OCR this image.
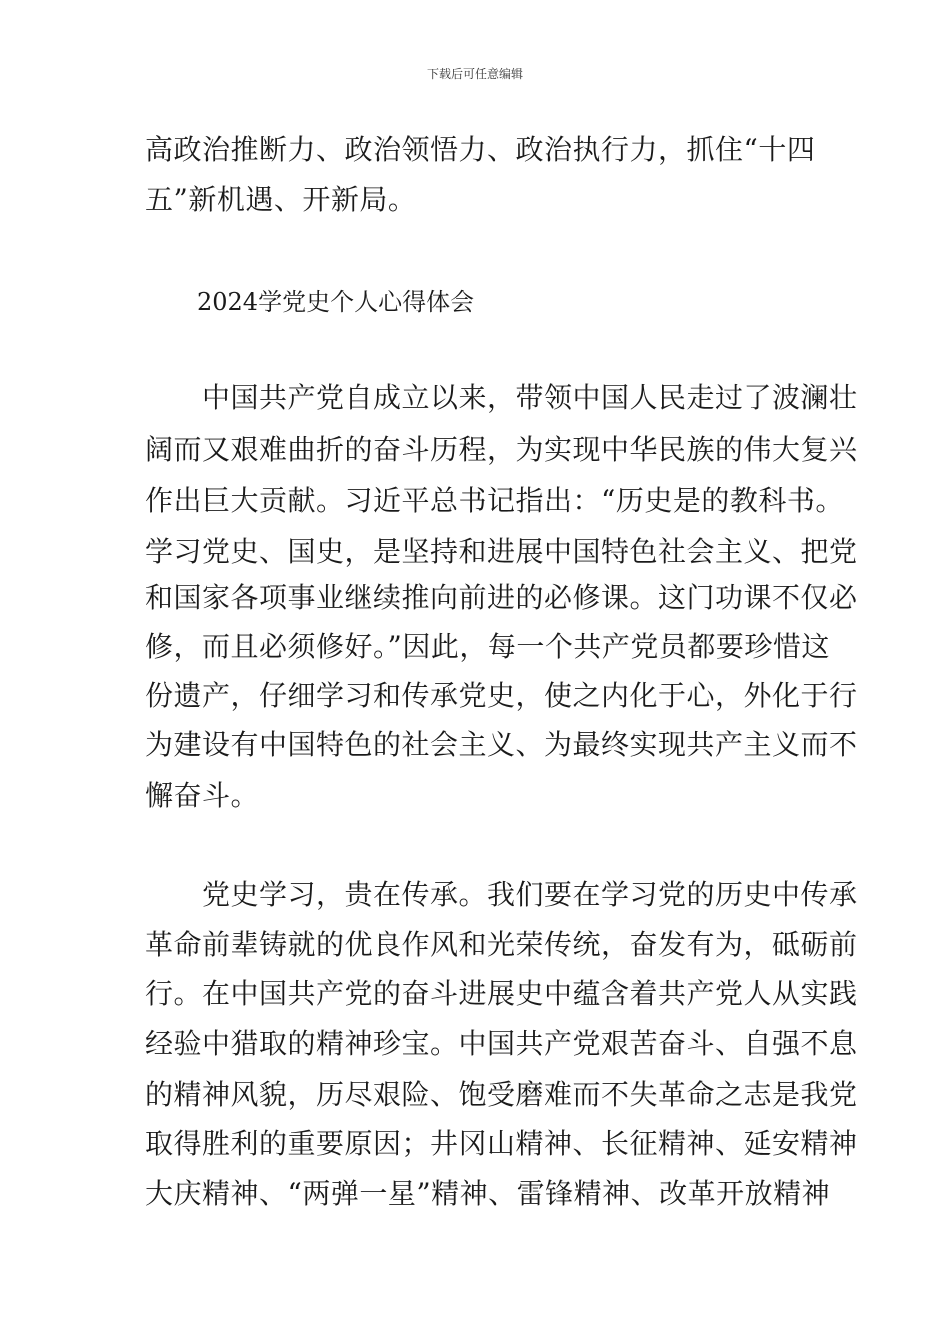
下载后可任意编辑
高政治推断力、政治领悟力、政治执行力，抓住“十四
五”新机遇、开新局。
2024学党史个人心得体会
　　中国共产党自成立以来，带领中国人民走过了波澜壮
阔而又艰难曲折的奋斗历程，为实现中华民族的伟大复兴
作出巨大贡献。习近平总书记指出：“历史是的教科书。
学习党史、国史，是坚持和进展中国特色社会主义、把党
和国家各项事业继续推向前进的必修课。这门功课不仅必
修，而且必须修好。”因此，每一个共产党员都要珍惜这
份遗产，仔细学习和传承党史，使之内化于心，外化于行
为建设有中国特色的社会主义、为最终实现共产主义而不
懈奋斗。
　　党史学习，贵在传承。我们要在学习党的历史中传承
革命前辈铸就的优良作风和光荣传统，奋发有为，砥砺前
行。在中国共产党的奋斗进展史中蕴含着共产党人从实践
经验中猎取的精神珍宝。中国共产党艰苦奋斗、自强不息
的精神风貌，历尽艰险、饱受磨难而不失革命之志是我党
取得胜利的重要原因；井冈山精神、长征精神、延安精神
大庆精神、“两弹一星”精神、雷锋精神、改革开放精神
